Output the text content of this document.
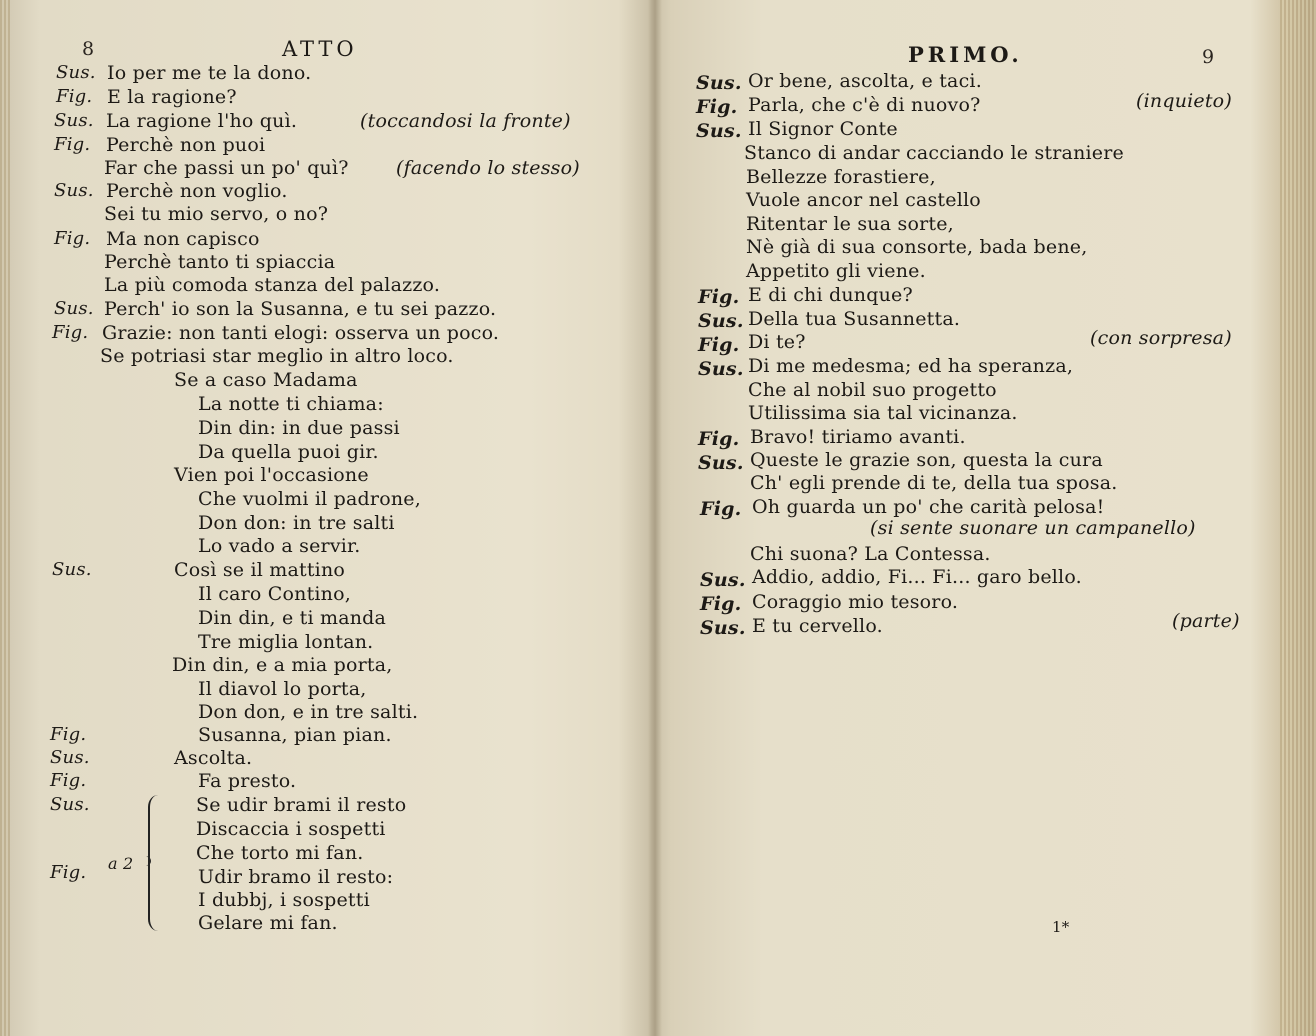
8	ATTO
Sus. Io per me te la dono.
Fig. E la ragione?
Sus. La ragione l'ho quì.	(toccandosi la fronte)
Fig. Perchè non puoi
Far che passi un po' quì? (facendo lo stesso)
Sus. Perchè non voglio.
Sei tu mio servo, o no?
Fig. Ma non capisco
Perchè tanto ti spiaccia
La più comoda stanza del palazzo.
Sus. Perch' io son la Susanna, e tu sei pazzo.
Fig. Grazie: non tanti elogi: osserva un poco.
Se potriasi star meglio in altro loco.
Se a caso Madama
La notte ti chiama:
Din din: in due passi
Da quella puoi gir.
Vien poi l'occasione
Che vuolmi il padrone,
Don don: in tre salti
Lo vado a servir.
Sus.	Così se il mattino
Il caro Contino,
Din din, e ti manda
Tre miglia lontan.
Din din, e a mia porta,
Il diavol lo porta,
Don don, e in tre salti.
Fig.	Susanna, pian pian.
Sus.	Ascolta.
Fig.	Fa presto.
Sus.	Se udir brami il resto
Discaccia i sospetti
Che torto mi fan.
Fig. a 2
Udir bramo il resto:
I dubbj, i sospetti
Gelare mi fan.
PRIMO.	9
Sus. Or bene, ascolta, e taci.
Fig. Parla, che c'è di nuovo?	(inquieto)
Sus. Il Signor Conte
Stanco di andar cacciando le straniere
Bellezze forastiere,
Vuole ancor nel castello
Ritentar le sua sorte,
Nè già di sua consorte, bada bene,
Appetito gli viene.
Fig. E di chi dunque?
Sus. Della tua Susannetta.
Fig. Di te?	(con sorpresa)
Sus. Di me medesma; ed ha speranza,
Che al nobil suo progetto
Utilissima sia tal vicinanza.
Fig. Bravo! tiriamo avanti.
Sus. Queste le grazie son, questa la cura
Ch' egli prende di te, della tua sposa.
Fig. Oh guarda un po' che carità pelosa!
(si sente suonare un campanello)
Chi suona? La Contessa.
Sus. Addio, addio, Fi... Fi... garo bello.
Fig. Coraggio mio tesoro.
Sus. E tu cervello.	(parte)
1*
